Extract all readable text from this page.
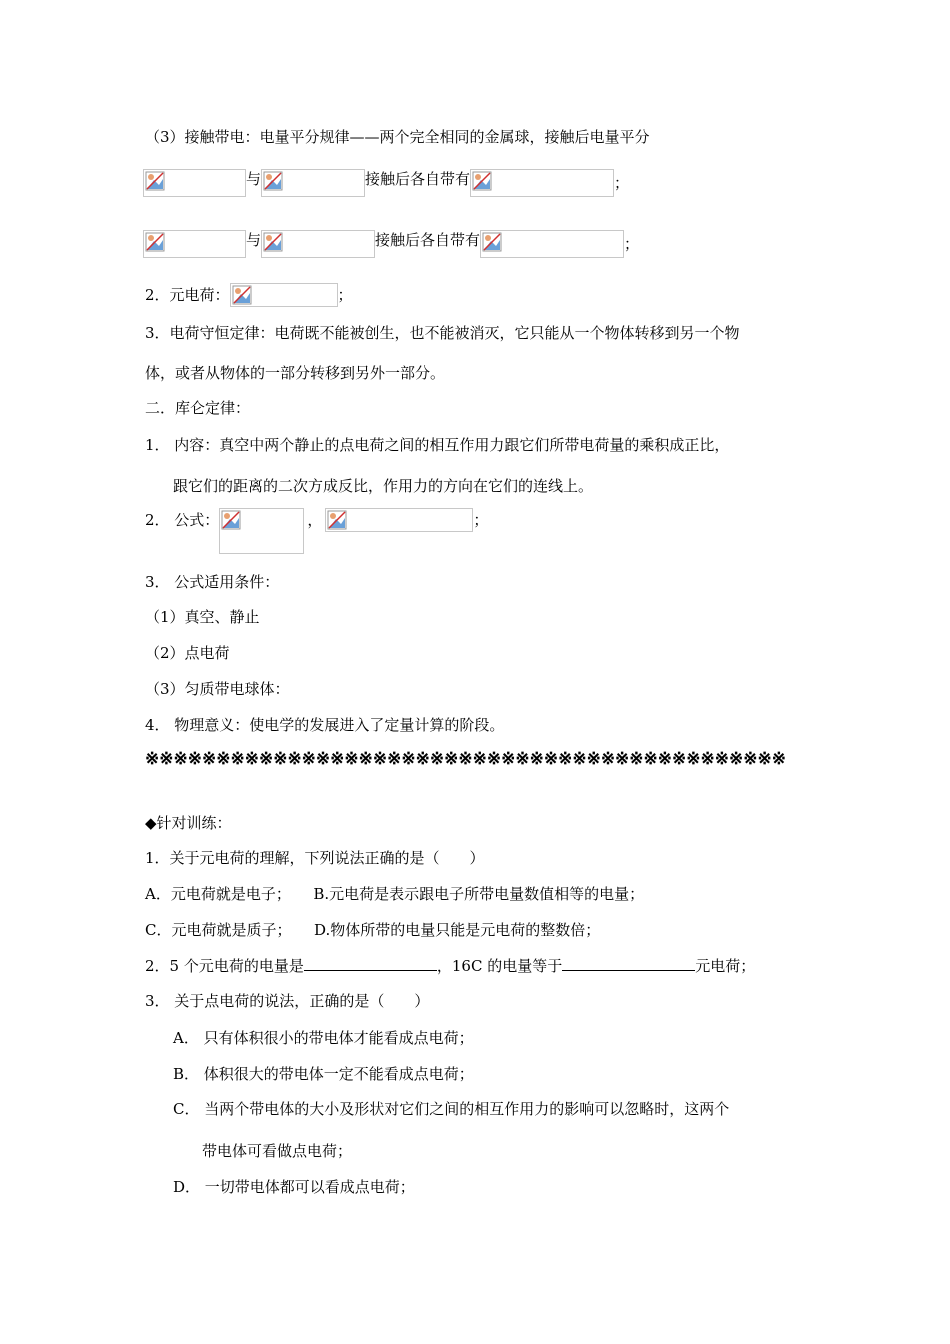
（3）接触带电：电量平分规律——两个完全相同的金属球，接触后电量平分
与	接触后各自带有	；
与	接触后各自带有	；
2．元电荷：	；
3．电荷守恒定律：电荷既不能被创生，也不能被消灭，它只能从一个物体转移到另一个物
体，或者从物体的一部分转移到另外一部分。
二．库仑定律：
1． 内容：真空中两个静止的点电荷之间的相互作用力跟它们所带电荷量的乘积成正比，
跟它们的距离的二次方成反比，作用力的方向在它们的连线上。
2． 公式：	，	；
3． 公式适用条件：
（1）真空、静止
（2）点电荷
（3）匀质带电球体：
4． 物理意义：使电学的发展进入了定量计算的阶段。
※※※※※※※※※※※※※※※※※※※※※※※※※※※※※※※※※※※※※※※※※※※※※
◆针对训练：
1．关于元电荷的理解，下列说法正确的是（　　）
A．元电荷就是电子；　　B.元电荷是表示跟电子所带电量数值相等的电量；
C．元电荷就是质子；　　D.物体所带的电量只能是元电荷的整数倍；
2．5 个元电荷的电量是	，16C 的电量等于	元电荷；
3． 关于点电荷的说法，正确的是（　　）
A． 只有体积很小的带电体才能看成点电荷；
B． 体积很大的带电体一定不能看成点电荷；
C． 当两个带电体的大小及形状对它们之间的相互作用力的影响可以忽略时，这两个
带电体可看做点电荷；
D． 一切带电体都可以看成点电荷；
